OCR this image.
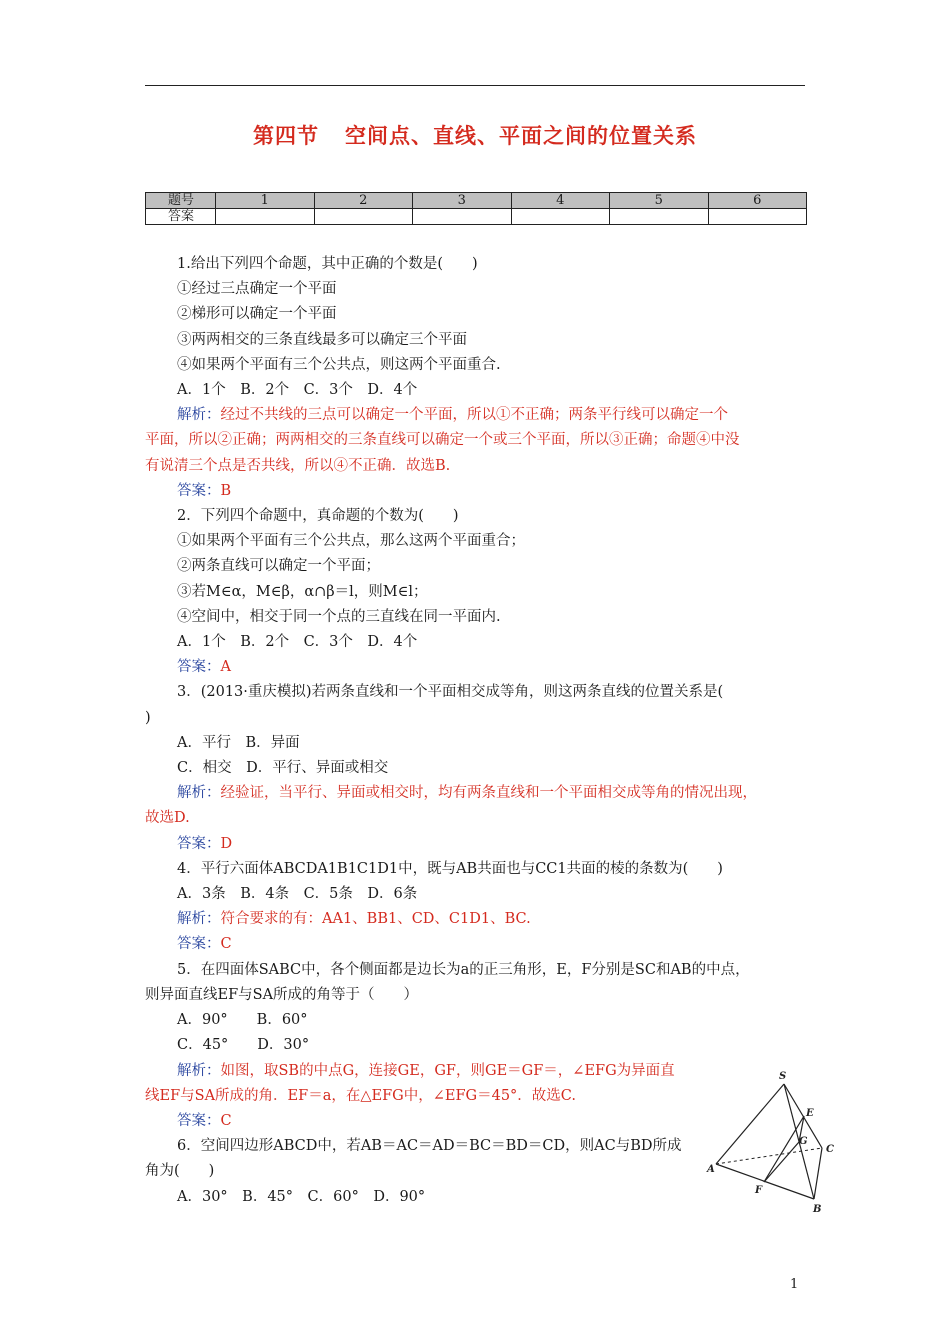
第四节 空间点、直线、平面之间的位置关系
题号	1	2	3	4	5	6
答案						

1.给出下列四个命题，其中正确的个数是(　　)

①经过三点确定一个平面

②梯形可以确定一个平面

③两两相交的三条直线最多可以确定三个平面

④如果两个平面有三个公共点，则这两个平面重合.

A．1个　B．2个　C．3个　D．4个

解析：经过不共线的三点可以确定一个平面，所以①不正确；两条平行线可以确定一个

平面，所以②正确；两两相交的三条直线可以确定一个或三个平面，所以③正确；命题④中没

有说清三个点是否共线，所以④不正确．故选B.

答案：B

2．下列四个命题中，真命题的个数为(　　)

①如果两个平面有三个公共点，那么这两个平面重合；

②两条直线可以确定一个平面；

③若M∈α，M∈β，α∩β＝l，则M∈l；

④空间中，相交于同一个点的三直线在同一平面内.

A．1个　B．2个　C．3个　D．4个

答案：A

3．(2013·重庆模拟)若两条直线和一个平面相交成等角，则这两条直线的位置关系是(

)

A．平行　B．异面

C．相交　D．平行、异面或相交

解析：经验证，当平行、异面或相交时，均有两条直线和一个平面相交成等角的情况出现，

故选D.

答案：D

4．平行六面体ABCDA1B1C1D1中，既与AB共面也与CC1共面的棱的条数为(　　)

A．3条　B．4条　C．5条　D．6条

解析：符合要求的有：AA1、BB1、CD、C1D1、BC.

答案：C

5．在四面体SABC中，各个侧面都是边长为a的正三角形，E，F分别是SC和AB的中点，

则异面直线EF与SA所成的角等于（　　）

A．90°　　B．60°

C．45°　　D．30°

解析：如图，取SB的中点G，连接GE，GF，则GE＝GF＝，∠EFG为异面直

线EF与SA所成的角．EF＝a，在△EFG中，∠EFG＝45°．故选C.

答案：C

6．空间四边形ABCD中，若AB＝AC＝AD＝BC＝BD＝CD，则AC与BD所成

角为(　　)

A．30°　B．45°　C．60°　D．90°

S
E
G
C
A
F
B
1
